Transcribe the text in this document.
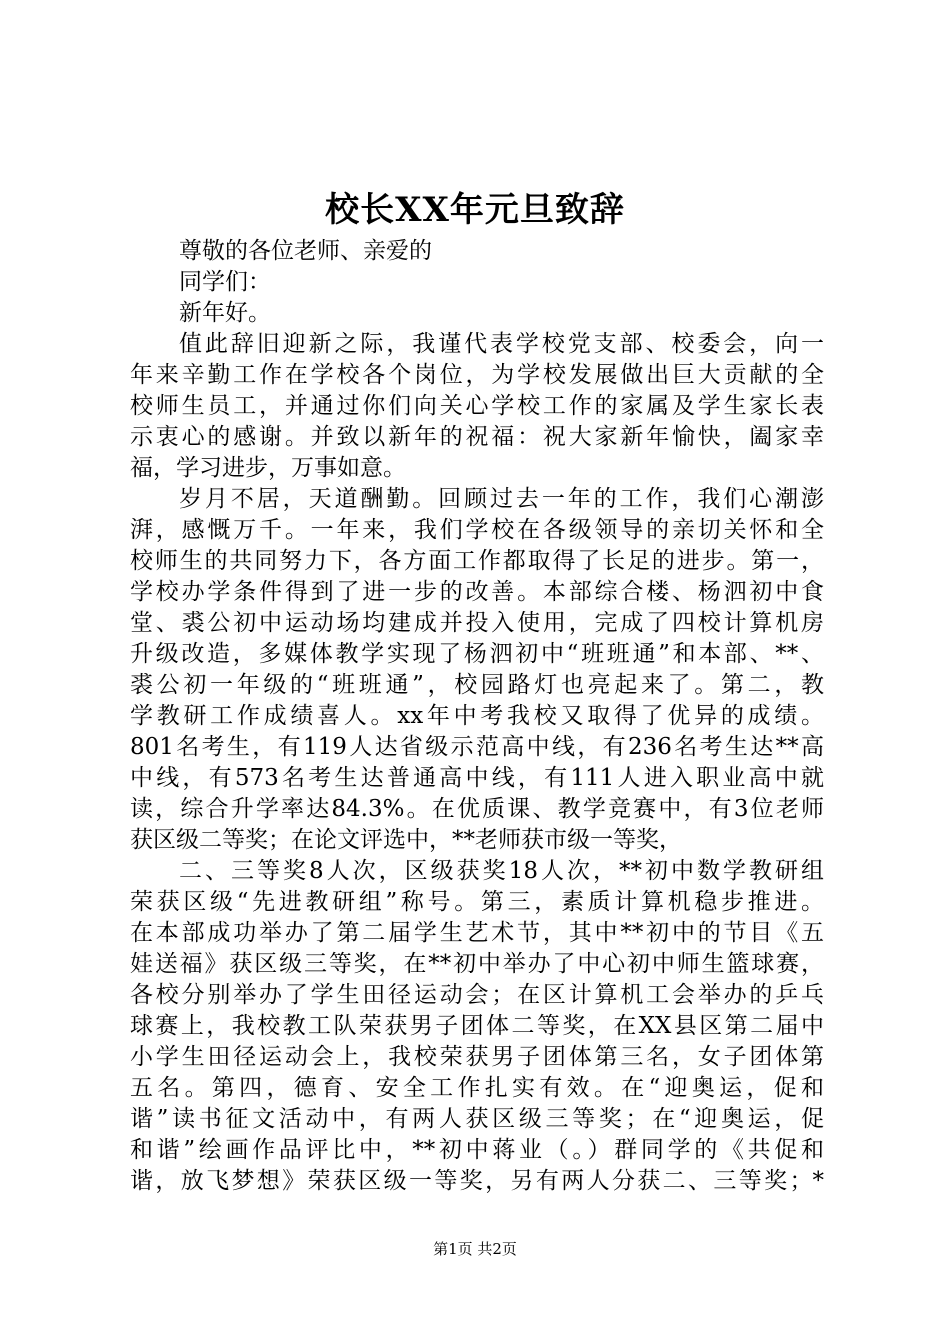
校长XX年元旦致辞
尊敬的各位老师、亲爱的
同学们：
新年好。
值此辞旧迎新之际，我谨代表学校党支部、校委会，向一
年来辛勤工作在学校各个岗位，为学校发展做出巨大贡献的全
校师生员工，并通过你们向关心学校工作的家属及学生家长表
示衷心的感谢。并致以新年的祝福：祝大家新年愉快，阖家幸
福，学习进步，万事如意。
岁月不居，天道酬勤。回顾过去一年的工作，我们心潮澎
湃，感慨万千。一年来，我们学校在各级领导的亲切关怀和全
校师生的共同努力下，各方面工作都取得了长足的进步。第一，
学校办学条件得到了进一步的改善。本部综合楼、杨泗初中食
堂、裘公初中运动场均建成并投入使用，完成了四校计算机房
升级改造，多媒体教学实现了杨泗初中“班班通”和本部、**、
裘公初一年级的“班班通”，校园路灯也亮起来了。第二，教
学教研工作成绩喜人。xx年中考我校又取得了优异的成绩。
801名考生，有119人达省级示范高中线，有236名考生达**高
中线，有573名考生达普通高中线，有111人进入职业高中就
读，综合升学率达84.3%。在优质课、教学竞赛中，有3位老师
获区级二等奖；在论文评选中，**老师获市级一等奖，
二、三等奖8人次，区级获奖18人次，**初中数学教研组
荣获区级“先进教研组”称号。第三，素质计算机稳步推进。
在本部成功举办了第二届学生艺术节，其中**初中的节目《五
娃送福》获区级三等奖，在**初中举办了中心初中师生篮球赛，
各校分别举办了学生田径运动会；在区计算机工会举办的乒乓
球赛上，我校教工队荣获男子团体二等奖，在XX县区第二届中
小学生田径运动会上，我校荣获男子团体第三名，女子团体第
五名。第四，德育、安全工作扎实有效。在“迎奥运，促和
谐”读书征文活动中，有两人获区级三等奖；在“迎奥运，促
和谐”绘画作品评比中，**初中蒋业（。）群同学的《共促和
谐，放飞梦想》荣获区级一等奖，另有两人分获二、三等奖；*
第1页 共2页
